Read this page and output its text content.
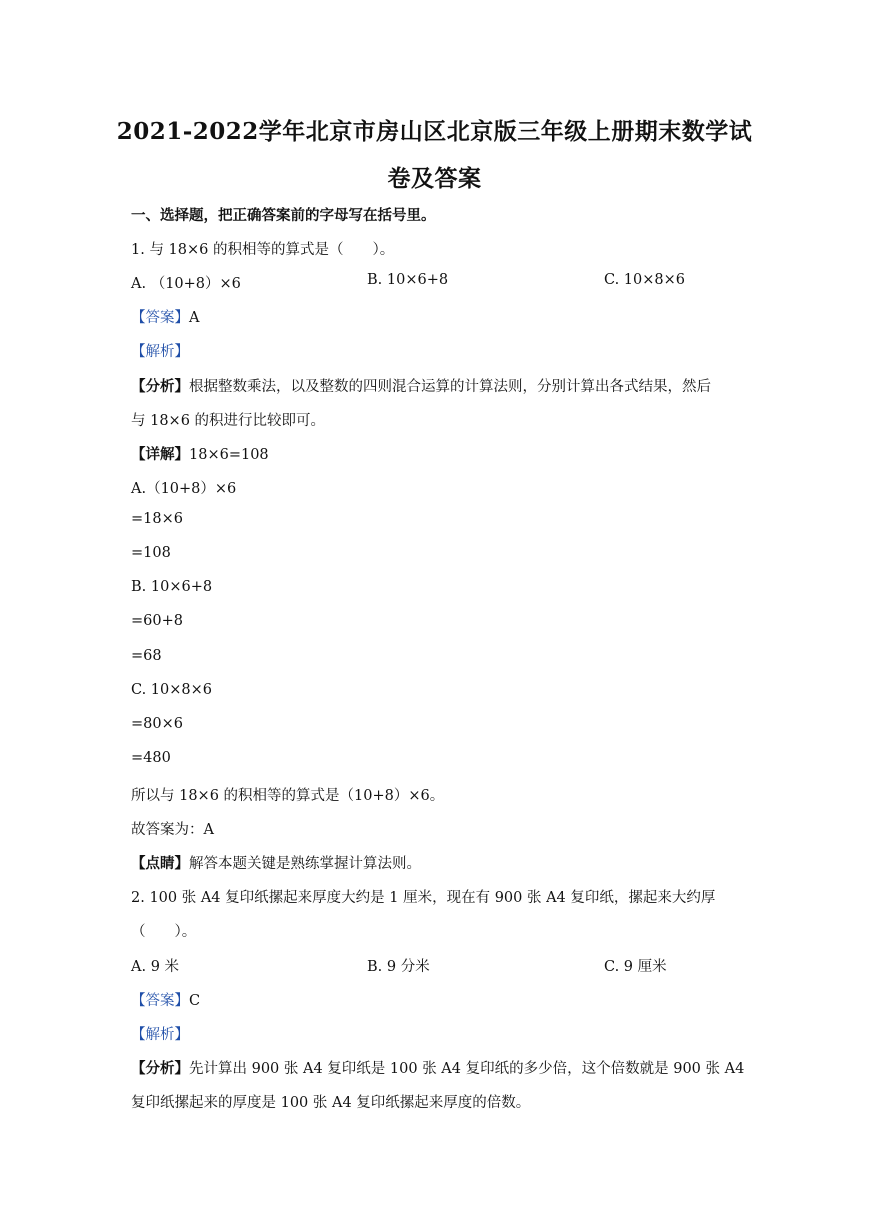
2021-2022学年北京市房山区北京版三年级上册期末数学试
卷及答案
一、选择题，把正确答案前的字母写在括号里。
1. 与 18×6 的积相等的算式是（　　）。
A. （10+8）×6	B. 10×6+8	C. 10×8×6
【答案】A
【解析】
【分析】根据整数乘法，以及整数的四则混合运算的计算法则，分别计算出各式结果，然后
与 18×6 的积进行比较即可。
【详解】18×6=108
A.（10+8）×6
=18×6
=108
B. 10×6+8
=60+8
=68
C. 10×8×6
=80×6
=480
所以与 18×6 的积相等的算式是（10+8）×6。
故答案为：A
【点睛】解答本题关键是熟练掌握计算法则。
2. 100 张 A4 复印纸摞起来厚度大约是 1 厘米，现在有 900 张 A4 复印纸，摞起来大约厚
（　　）。
A. 9 米	B. 9 分米	C. 9 厘米
【答案】C
【解析】
【分析】先计算出 900 张 A4 复印纸是 100 张 A4 复印纸的多少倍，这个倍数就是 900 张 A4
复印纸摞起来的厚度是 100 张 A4 复印纸摞起来厚度的倍数。
